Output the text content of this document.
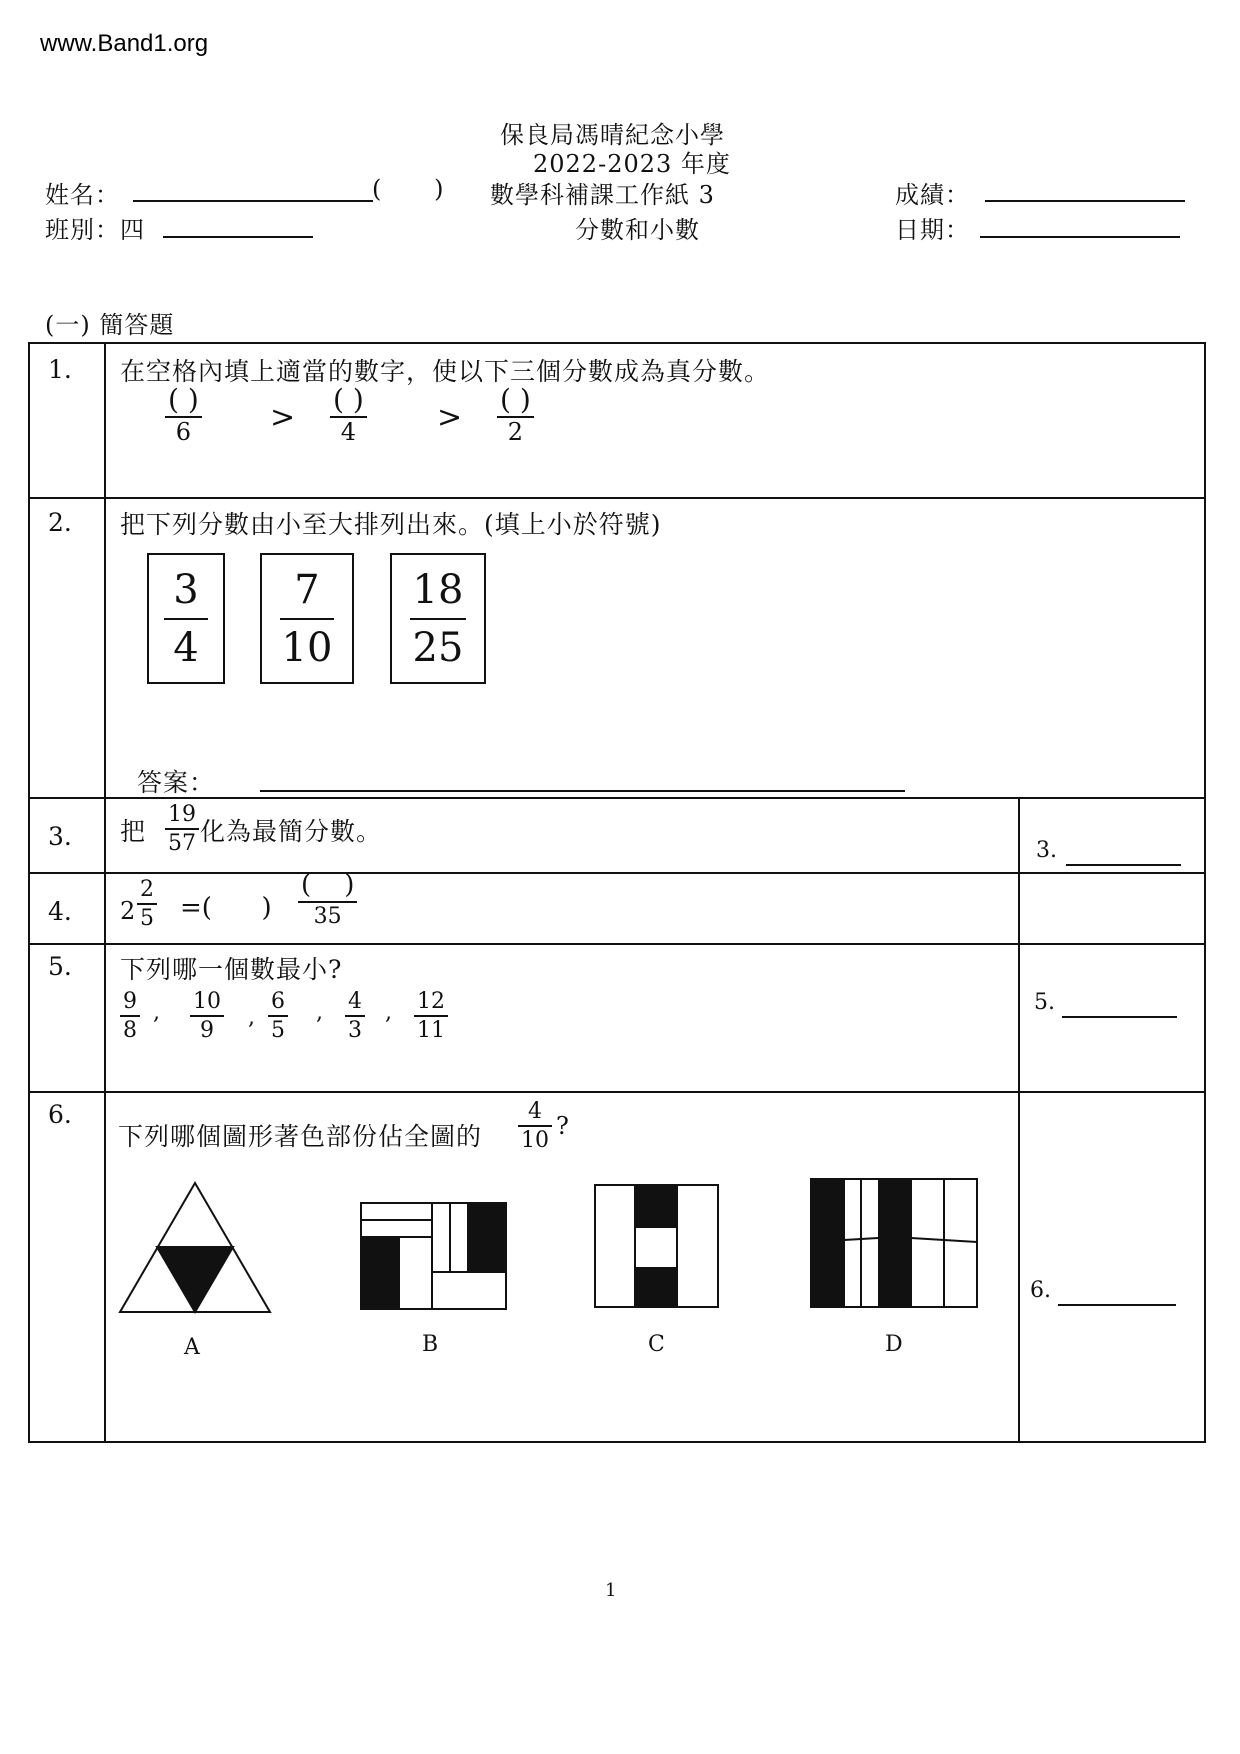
www.Band1.org
保良局馮晴紀念小學
2022-2023 年度
姓名：	(      ) 數學科補課工作紙 3	成績：
班別：四	分數和小數	日期：
(一) 簡答題
1. 在空格內填上適當的數字，使以下三個分數成為真分數。
( )
6	>
( )
4	>
( )
2
2. 把下列分數由小至大排列出來。(填上小於符號)
3
4
7
10
18
25
答案：
3. 把
19
57 化為最簡分數。
3.
4. 2
2
5 =(      )
(    )
35
5. 下列哪一個數最小?
9
8
, 10
9
,
6
5
, 4
3
, 12
11
5.
6.
下列哪個圖形著色部份佔全圖的
4
10
?
A	B	C	D
6.
1
